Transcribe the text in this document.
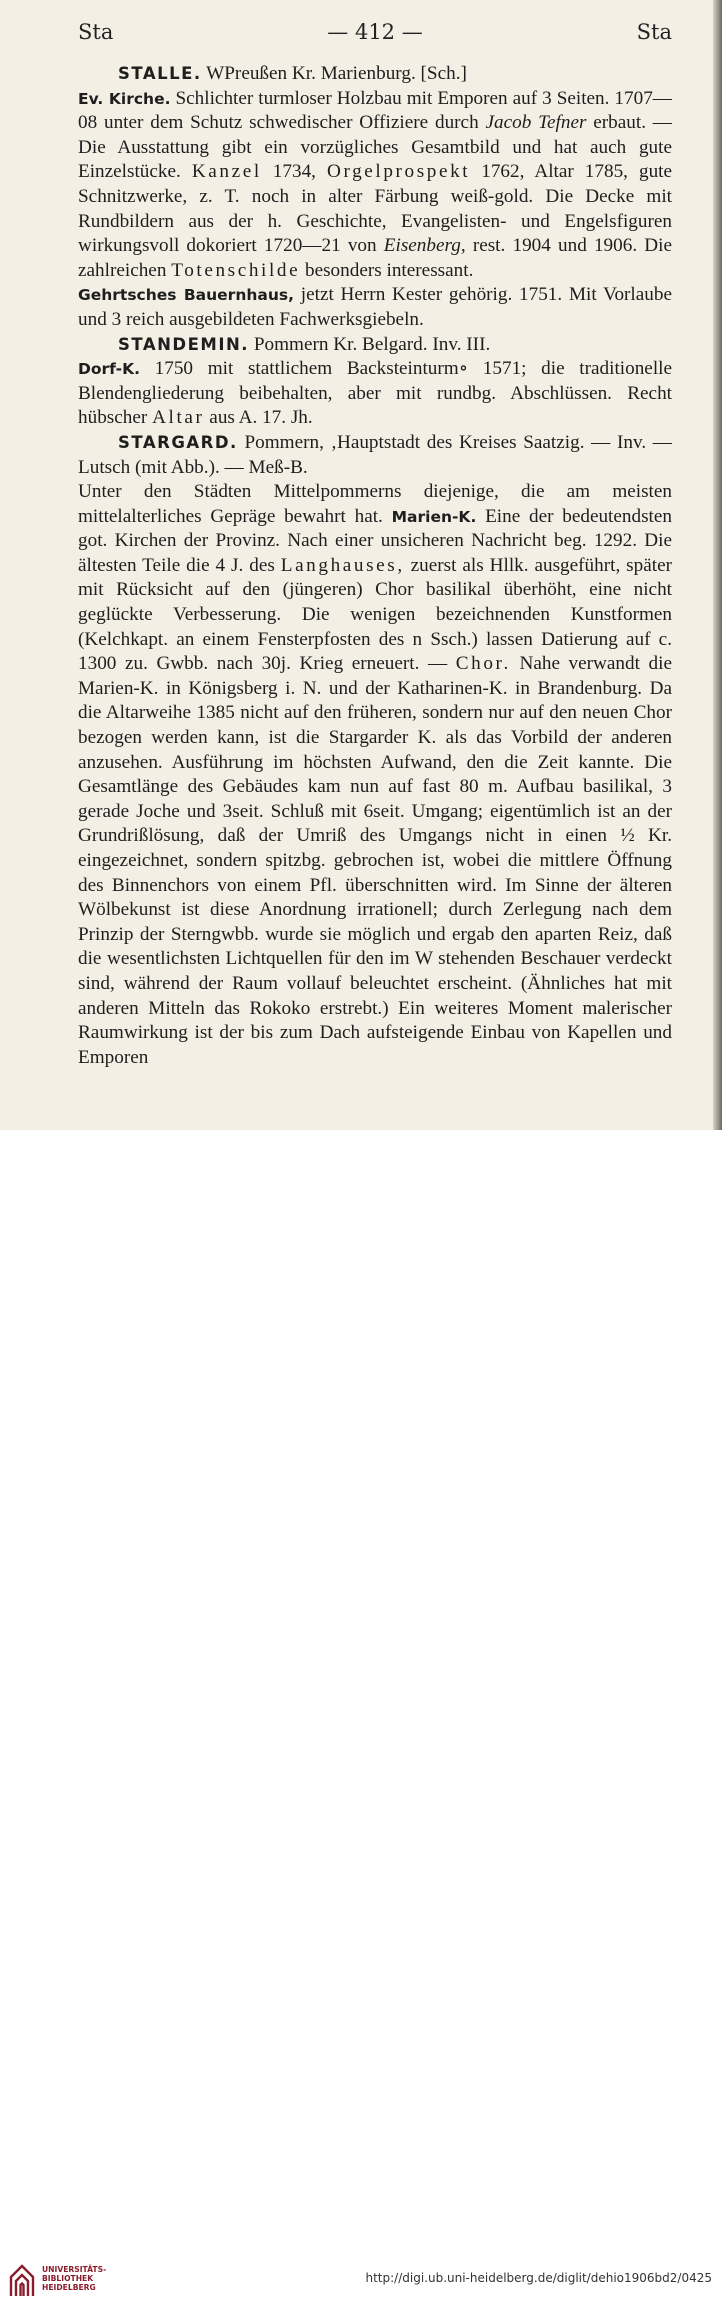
Sta	— 412 —	Sta

STALLE. WPreußen Kr. Marienburg. [Sch.]

Ev. Kirche. Schlichter turmloser Holzbau mit Emporen auf 3 Seiten. 1707—08 unter dem Schutz schwedischer Offiziere durch Jacob Tefner erbaut. — Die Ausstattung gibt ein vorzügliches Gesamtbild und hat auch gute Einzelstücke. Kanzel 1734, Orgelprospekt 1762, Altar 1785, gute Schnitzwerke, z. T. noch in alter Färbung weiß-gold. Die Decke mit Rundbildern aus der h. Geschichte, Evangelisten- und Engelsfiguren wirkungsvoll dokoriert 1720—21 von Eisenberg, rest. 1904 und 1906. Die zahlreichen Totenschilde besonders interessant.

Gehrtsches Bauernhaus, jetzt Herrn Kester gehörig. 1751. Mit Vorlaube und 3 reich ausgebildeten Fachwerksgiebeln.

STANDEMIN. Pommern Kr. Belgard. Inv. III.

Dorf-K. 1750 mit stattlichem Backsteinturm∘ 1571; die traditionelle Blendengliederung beibehalten, aber mit rundbg. Abschlüssen. Recht hübscher Altar aus A. 17. Jh.

STARGARD. Pommern, ‚Hauptstadt des Kreises Saatzig. — Inv. — Lutsch (mit Abb.). — Meß-B.

Unter den Städten Mittelpommerns diejenige, die am meisten mittelalterliches Gepräge bewahrt hat. Marien-K. Eine der bedeutendsten got. Kirchen der Provinz. Nach einer unsicheren Nachricht beg. 1292. Die ältesten Teile die 4 J. des Langhauses, zuerst als Hllk. ausgeführt, später mit Rücksicht auf den (jüngeren) Chor basilikal überhöht, eine nicht geglückte Verbesserung. Die wenigen bezeichnenden Kunstformen (Kelchkapt. an einem Fensterpfosten des n Ssch.) lassen Datierung auf c. 1300 zu. Gwbb. nach 30j. Krieg erneuert. — Chor. Nahe verwandt die Marien-K. in Königsberg i. N. und der Katharinen-K. in Brandenburg. Da die Altarweihe 1385 nicht auf den früheren, sondern nur auf den neuen Chor bezogen werden kann, ist die Stargarder K. als das Vorbild der anderen anzusehen. Ausführung im höchsten Aufwand, den die Zeit kannte. Die Gesamtlänge des Gebäudes kam nun auf fast 80 m. Aufbau basilikal, 3 gerade Joche und 3seit. Schluß mit 6seit. Umgang; eigentümlich ist an der Grundrißlösung, daß der Umriß des Umgangs nicht in einen ½ Kr. eingezeichnet, sondern spitzbg. gebrochen ist, wobei die mittlere Öffnung des Binnenchors von einem Pfl. überschnitten wird. Im Sinne der älteren Wölbekunst ist diese Anordnung irrationell; durch Zerlegung nach dem Prinzip der Sterngwbb. wurde sie möglich und ergab den aparten Reiz, daß die wesentlichsten Lichtquellen für den im W stehenden Beschauer verdeckt sind, während der Raum vollauf beleuchtet erscheint. (Ähnliches hat mit anderen Mitteln das Rokoko erstrebt.) Ein weiteres Moment malerischer Raumwirkung ist der bis zum Dach aufsteigende Einbau von Kapellen und Emporen

UNIVERSITÄTS-
BIBLIOTHEK
HEIDELBERG
http://digi.ub.uni-heidelberg.de/diglit/dehio1906bd2/0425
